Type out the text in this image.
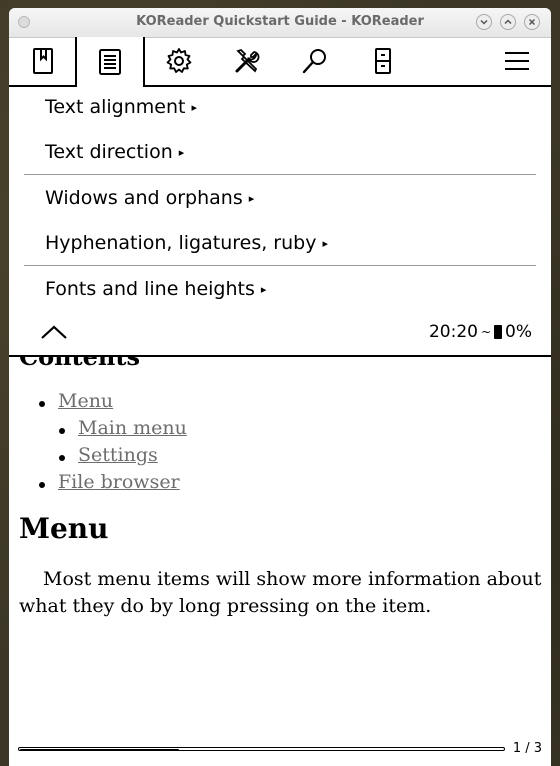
KOReader Quickstart Guide - KOReader
Text alignment ▸
Text direction ▸
Widows and orphans ▸
Hyphenation, ligatures, ruby ▸
Fonts and line heights ▸
20:20 ~ 0%
Menu
Main menu
Settings
File browser
Menu

Most menu items will show more information about what they do by long pressing on the item.

1 / 3
